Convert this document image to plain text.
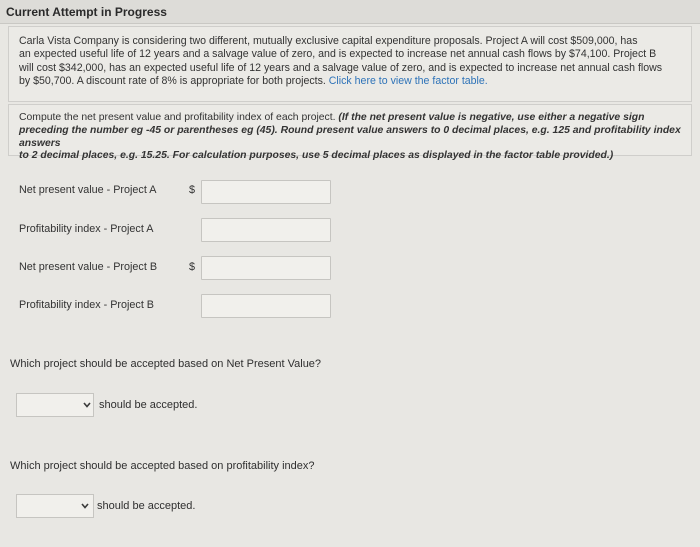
Current Attempt in Progress
Carla Vista Company is considering two different, mutually exclusive capital expenditure proposals. Project A will cost $509,000, has
an expected useful life of 12 years and a salvage value of zero, and is expected to increase net annual cash flows by $74,100. Project B
will cost $342,000, has an expected useful life of 12 years and a salvage value of zero, and is expected to increase net annual cash flows
by $50,700. A discount rate of 8% is appropriate for both projects. Click here to view the factor table.
Compute the net present value and profitability index of each project. (If the net present value is negative, use either a negative sign
preceding the number eg -45 or parentheses eg (45). Round present value answers to 0 decimal places, e.g. 125 and profitability index answers
to 2 decimal places, e.g. 15.25. For calculation purposes, use 5 decimal places as displayed in the factor table provided.)
Net present value - Project A	$
Profitability index - Project A
Net present value - Project B	$
Profitability index - Project B
Which project should be accepted based on Net Present Value?
should be accepted.
Which project should be accepted based on profitability index?
should be accepted.
